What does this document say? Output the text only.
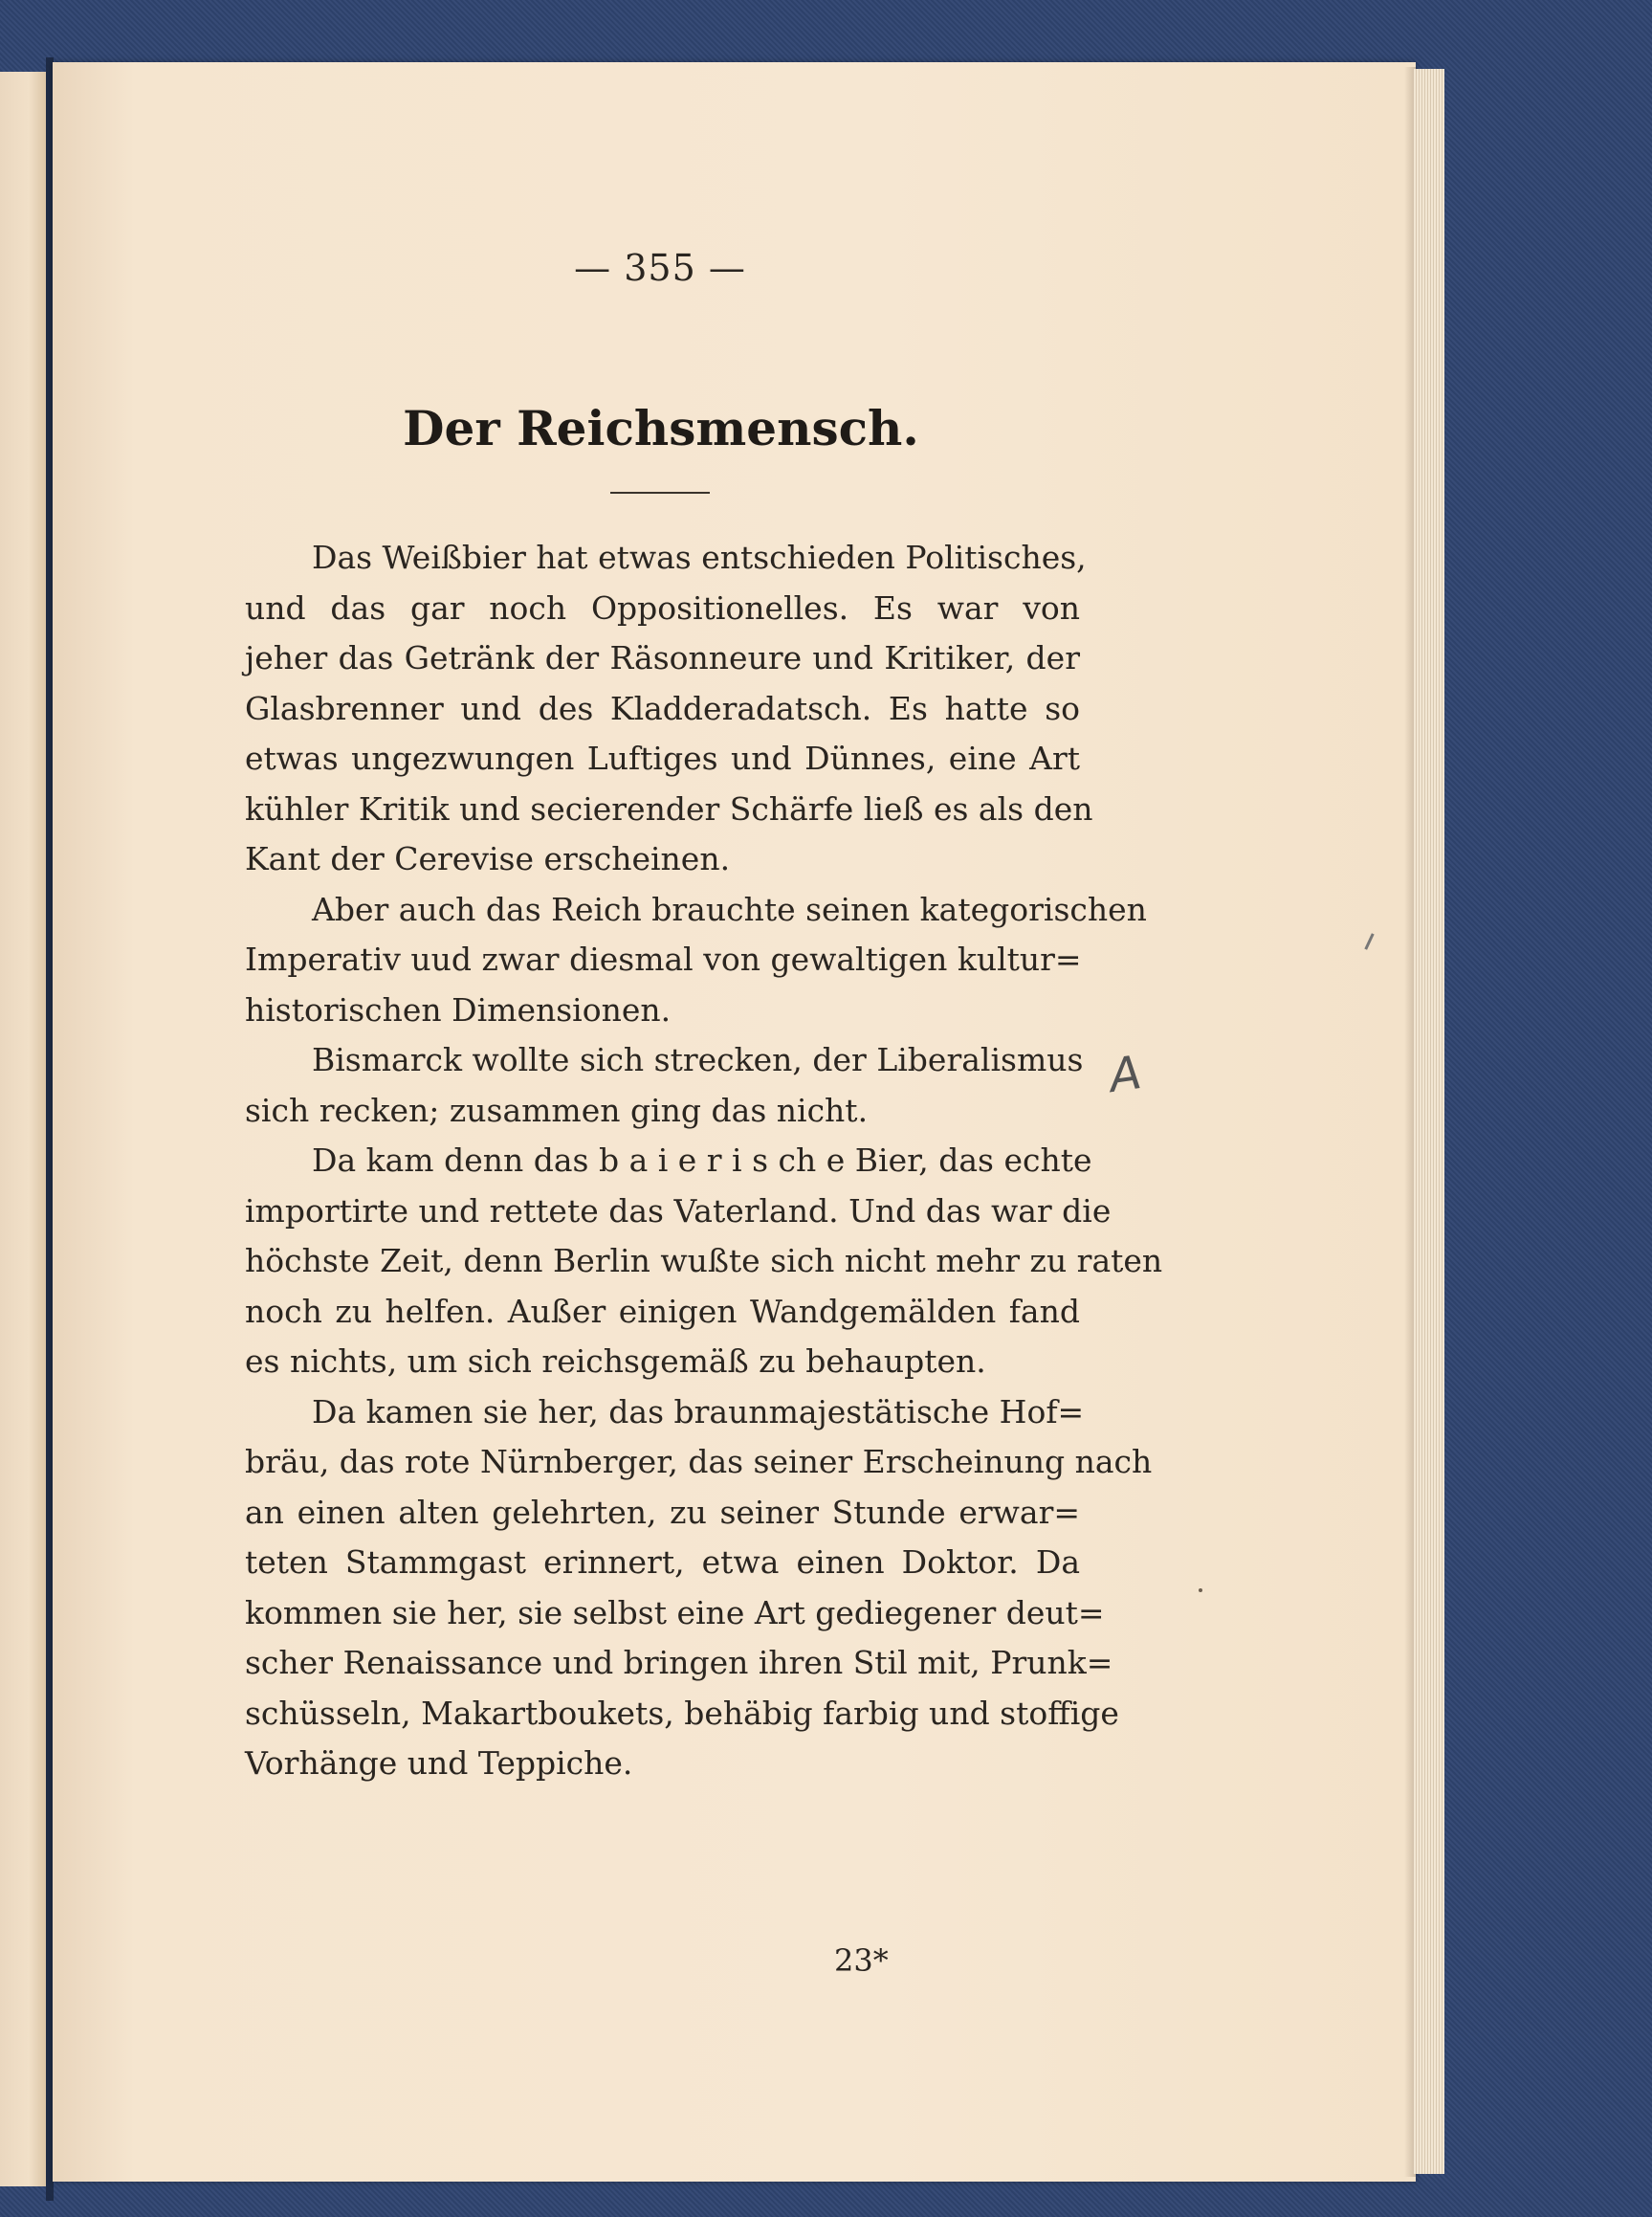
— 355 —
Der Reichsmensch.
Das Weißbier hat etwas entschieden Politisches,
und das gar noch Oppositionelles. Es war von
jeher das Getränk der Räsonneure und Kritiker, der
Glasbrenner und des Kladderadatsch. Es hatte so
etwas ungezwungen Luftiges und Dünnes, eine Art
kühler Kritik und secierender Schärfe ließ es als den
Kant der Cerevise erscheinen.
Aber auch das Reich brauchte seinen kategorischen
Imperativ uud zwar diesmal von gewaltigen kultur=
historischen Dimensionen.
Bismarck wollte sich strecken, der Liberalismus
sich recken; zusammen ging das nicht.
Da kam denn das b a i e r i s ch e Bier, das echte
importirte und rettete das Vaterland. Und das war die
höchste Zeit, denn Berlin wußte sich nicht mehr zu raten
noch zu helfen. Außer einigen Wandgemälden fand
es nichts, um sich reichsgemäß zu behaupten.
Da kamen sie her, das braunmajestätische Hof=
bräu, das rote Nürnberger, das seiner Erscheinung nach
an einen alten gelehrten, zu seiner Stunde erwar=
teten Stammgast erinnert, etwa einen Doktor. Da
kommen sie her, sie selbst eine Art gediegener deut=
scher Renaissance und bringen ihren Stil mit, Prunk=
schüsseln, Makartboukets, behäbig farbig und stoffige
Vorhänge und Teppiche.
23*
A
